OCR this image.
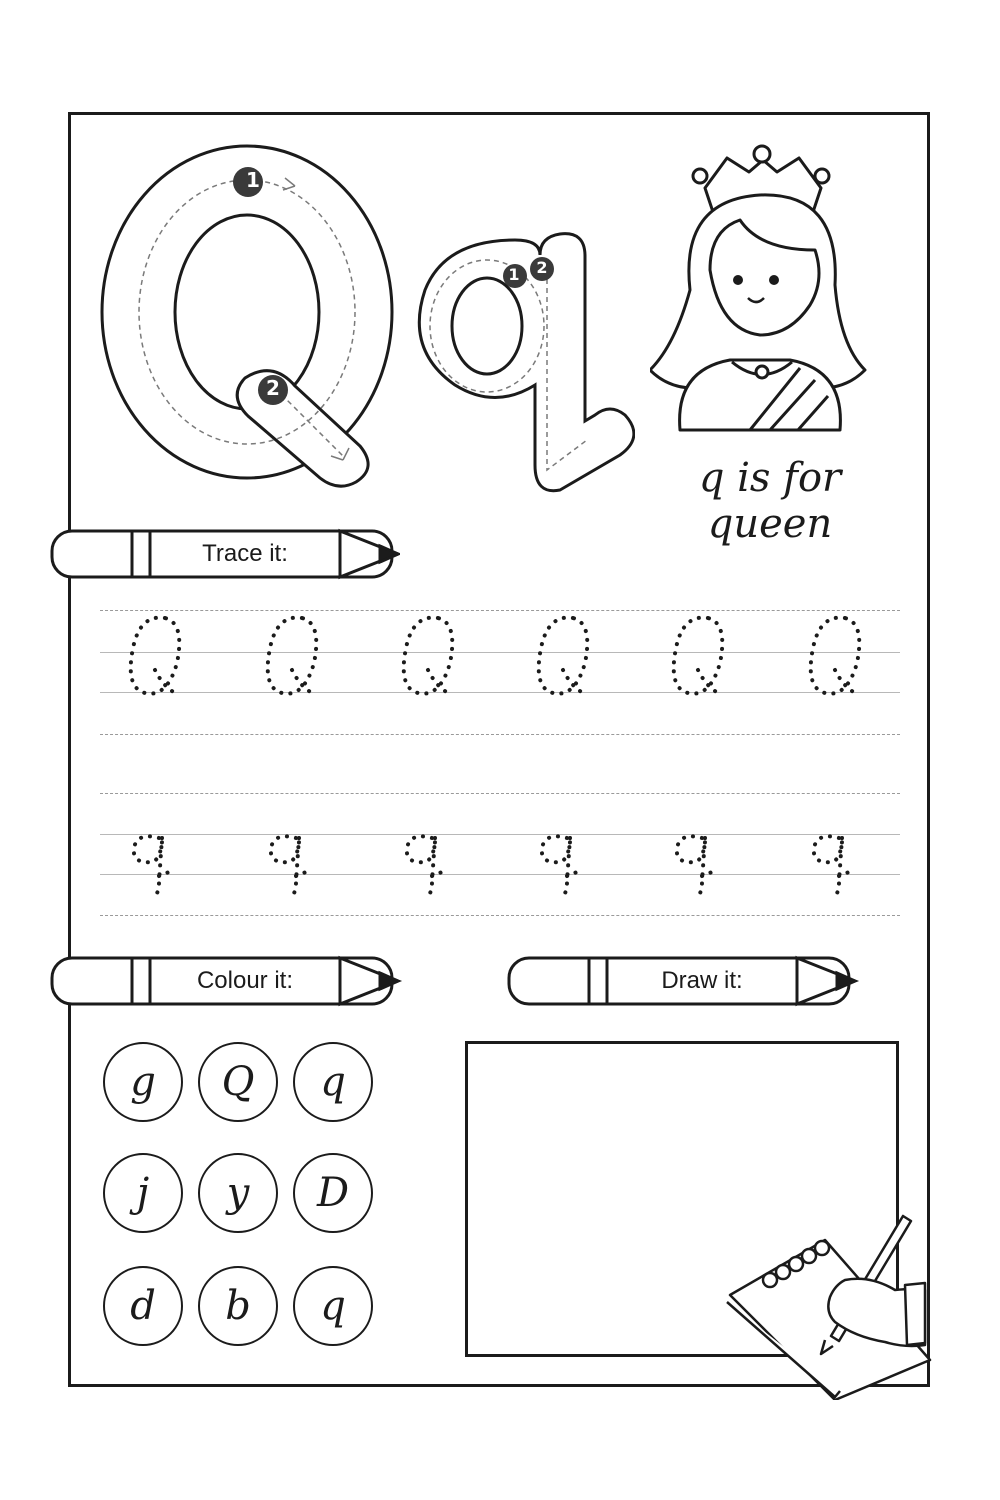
1
2
1	2
q is for queen
Trace it:
Colour it:	Draw it:
g	Q	q
j	y	D
d	b	q
